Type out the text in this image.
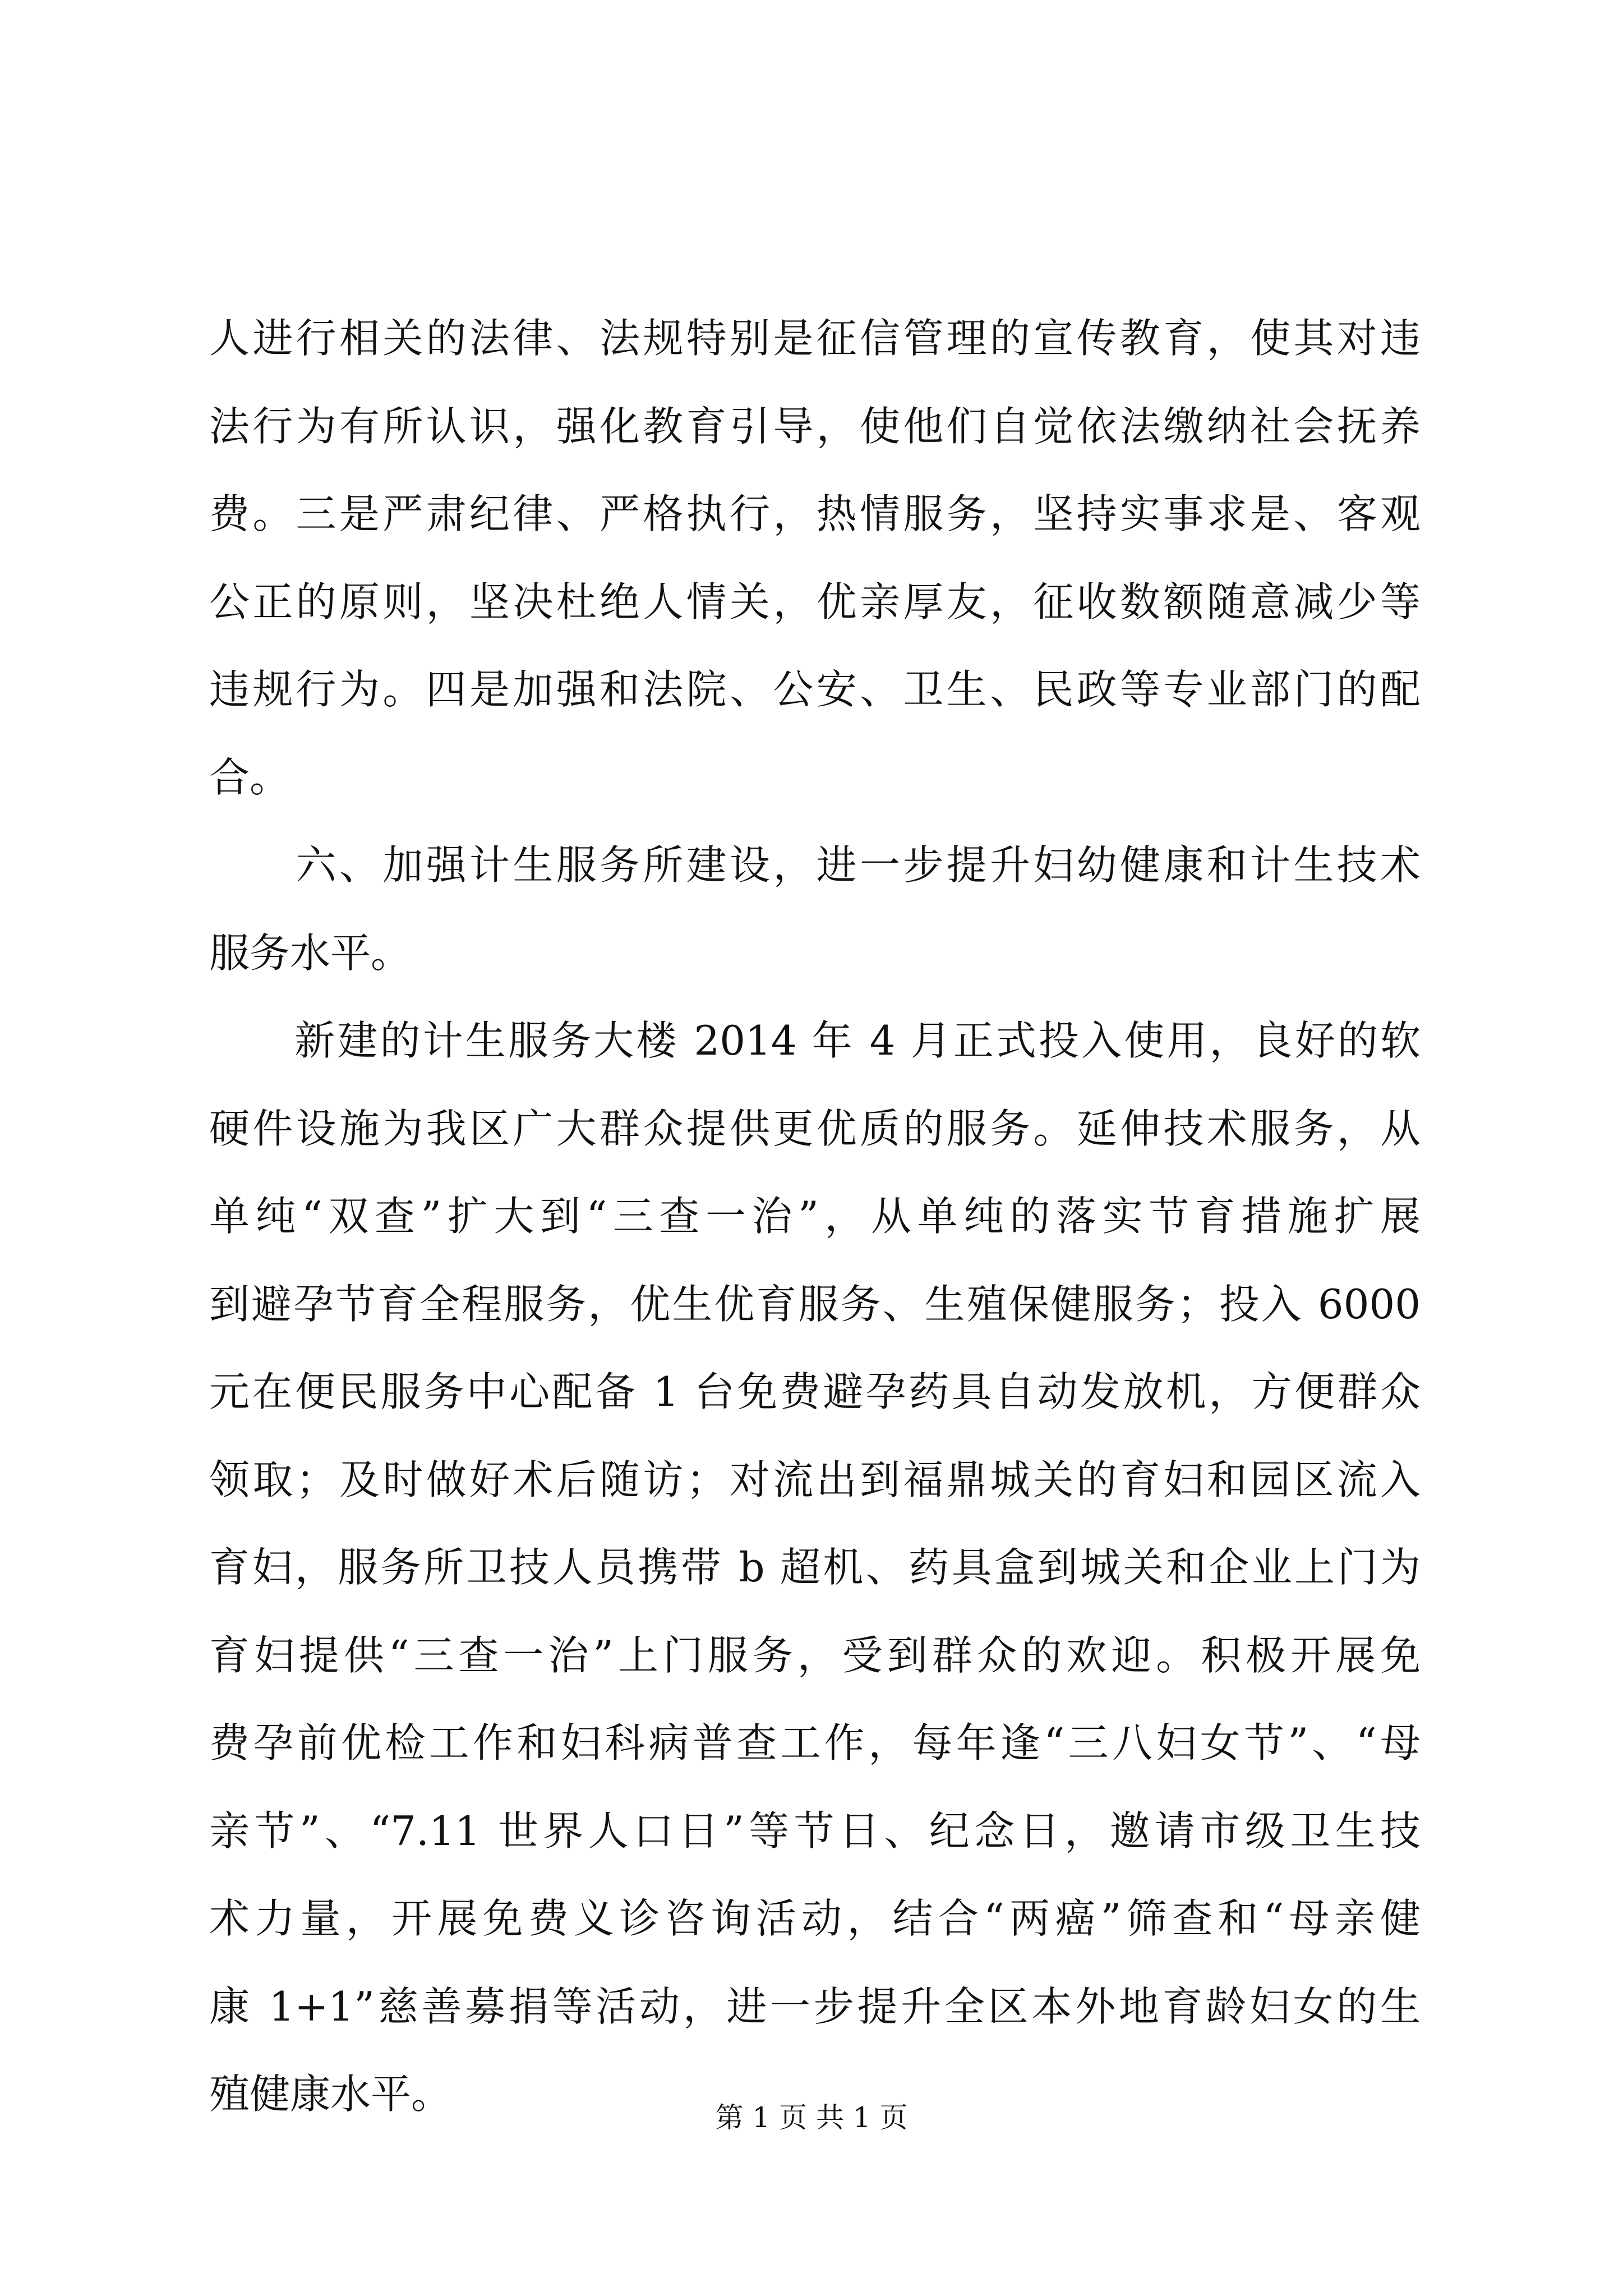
人进行相关的法律、法规特别是征信管理的宣传教育，使其对违
法行为有所认识，强化教育引导，使他们自觉依法缴纳社会抚养
费。三是严肃纪律、严格执行，热情服务，坚持实事求是、客观
公正的原则，坚决杜绝人情关，优亲厚友，征收数额随意减少等
违规行为。四是加强和法院、公安、卫生、民政等专业部门的配
合。
　　六、加强计生服务所建设，进一步提升妇幼健康和计生技术
服务水平。
　　新建的计生服务大楼 2014 年 4 月正式投入使用，良好的软
硬件设施为我区广大群众提供更优质的服务。延伸技术服务，从
单纯“双查”扩大到“三查一治”，从单纯的落实节育措施扩展
到避孕节育全程服务，优生优育服务、生殖保健服务；投入 6000
元在便民服务中心配备 1 台免费避孕药具自动发放机，方便群众
领取；及时做好术后随访；对流出到福鼎城关的育妇和园区流入
育妇，服务所卫技人员携带 b 超机、药具盒到城关和企业上门为
育妇提供“三查一治”上门服务，受到群众的欢迎。积极开展免
费孕前优检工作和妇科病普查工作，每年逢“三八妇女节”、“母
亲节”、“7.11 世界人口日”等节日、纪念日，邀请市级卫生技
术力量，开展免费义诊咨询活动，结合“两癌”筛查和“母亲健
康 1+1”慈善募捐等活动，进一步提升全区本外地育龄妇女的生
殖健康水平。	第 1 页 共 1 页
